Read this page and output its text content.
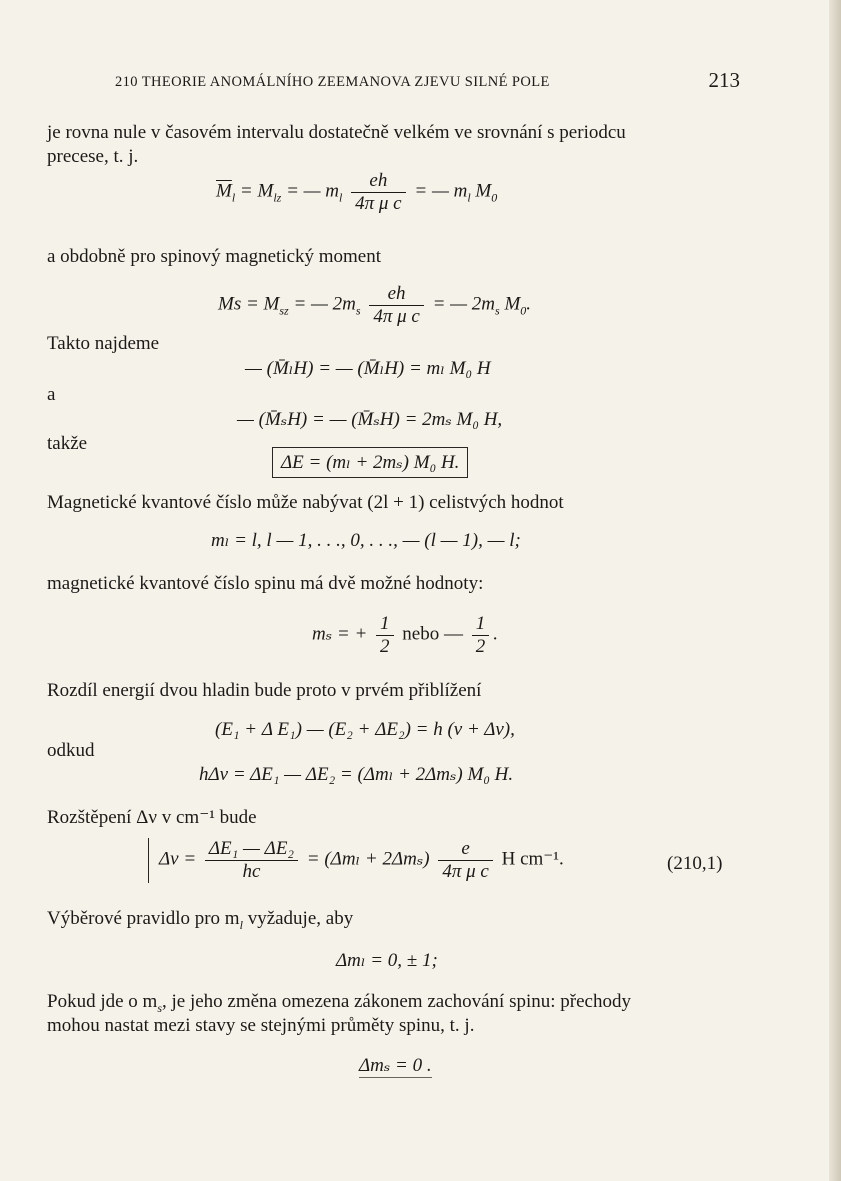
210 THEORIE ANOMÁLNÍHO ZEEMANOVA ZJEVU SILNÉ POLE	213
je rovna nule v časovém intervalu dostatečně velkém ve srovnání s periodcu
precese, t. j.
$\overline{M}_l = M_{lz}$ = — $m_l \frac{eh}{\text{4π μ c}}$ = — $m_l$ $M_0$
a obdobně pro spinový magnetický moment
$Ms = M_{sz}$ = — $2m_s \frac{eh}{\text{4π μ c}}$ = — $2m_s$ $M_0$.
Takto najdeme
— (M̄ₗH) = — (M̄ₗH) = mₗ M₀ H
a
— (M̄ₛH) = — (M̄ₛH) = 2mₛ M₀ H,
takže
ΔE = (mₗ + 2mₛ) M₀ H.
Magnetické kvantové číslo může nabývat (2l + 1) celistvých hodnot
mₗ = l, l — 1, . . ., 0, . . ., — (l — 1), — l;
magnetické kvantové číslo spinu má dvě možné hodnoty:
mₛ = + $\frac{1}{2}$ nebo — $\frac{1}{2}$ .
Rozdíl energií dvou hladin bude proto v prvém přiblížení
(E₁ + Δ E₁) — (E₂ + ΔE₂) = h (ν + Δν),
odkud
hΔν = ΔE₁ — ΔE₂ = (Δmₗ + 2Δmₛ) M₀ H.
Rozštěpení Δν v cm⁻¹ bude
$\Delta\nu = \frac{\text{ΔE₁ — ΔE₂}}{hc} = (\Delta m_l + 2\Delta m_s) \frac{e}{\text{4π μ c}}$ H cm⁻¹.	(210,1)
Výběrové pravidlo pro $m_l$ vyžaduje, aby
Δmₗ = 0, ± 1;
Pokud jde o $m_s$, je jeho změna omezena zákonem zachování spinu: přechody
mohou nastat mezi stavy se stejnými průměty spinu, t. j.
Δmₛ = 0 .
